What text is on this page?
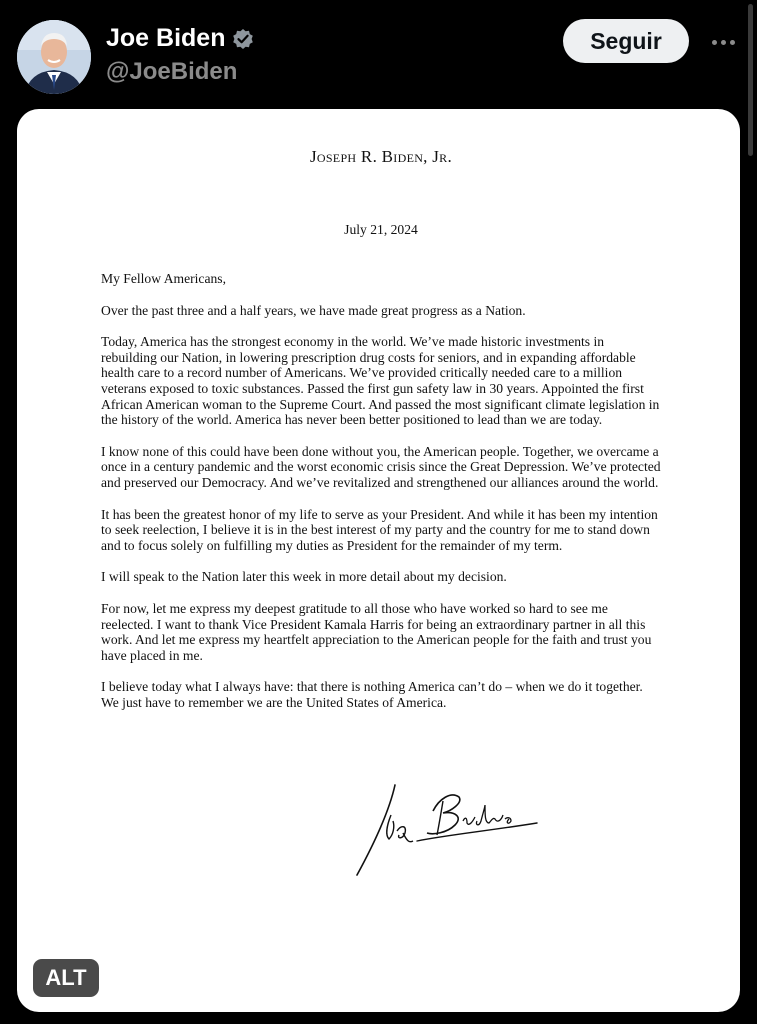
Joe Biden
@JoeBiden
Seguir
Joseph R. Biden, Jr.
July 21, 2024
My Fellow Americans,

Over the past three and a half years, we have made great progress as a Nation.

Today, America has the strongest economy in the world. We’ve made historic investments in rebuilding our Nation, in lowering prescription drug costs for seniors, and in expanding affordable health care to a record number of Americans. We’ve provided critically needed care to a million veterans exposed to toxic substances. Passed the first gun safety law in 30 years. Appointed the first African American woman to the Supreme Court. And passed the most significant climate legislation in the history of the world. America has never been better positioned to lead than we are today.

I know none of this could have been done without you, the American people. Together, we overcame a once in a century pandemic and the worst economic crisis since the Great Depression. We’ve protected and preserved our Democracy. And we’ve revitalized and strengthened our alliances around the world.

It has been the greatest honor of my life to serve as your President. And while it has been my intention to seek reelection, I believe it is in the best interest of my party and the country for me to stand down and to focus solely on fulfilling my duties as President for the remainder of my term.

I will speak to the Nation later this week in more detail about my decision.

For now, let me express my deepest gratitude to all those who have worked so hard to see me reelected. I want to thank Vice President Kamala Harris for being an extraordinary partner in all this work. And let me express my heartfelt appreciation to the American people for the faith and trust you have placed in me.

I believe today what I always have: that there is nothing America can’t do – when we do it together. We just have to remember we are the United States of America.

ALT
